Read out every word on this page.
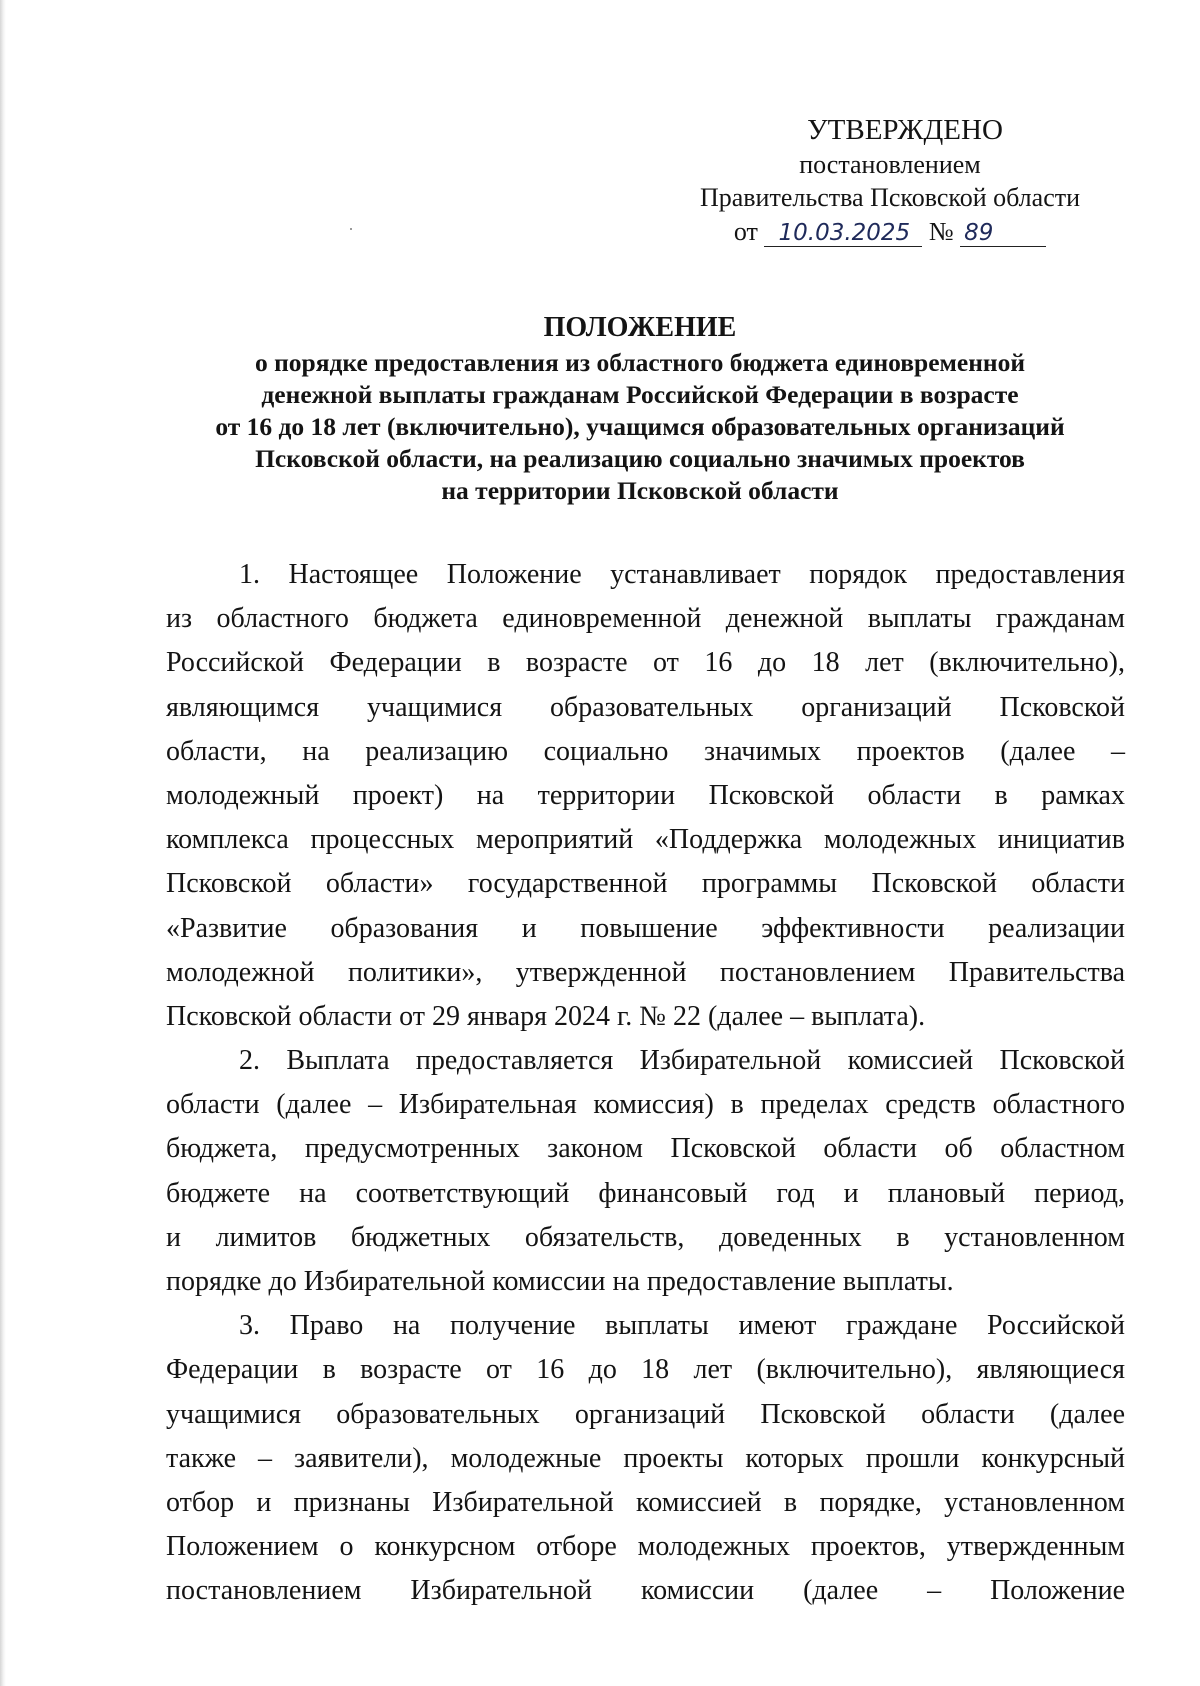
УТВЕРЖДЕНО
постановлением
Правительства Псковской области
от 10.03.2025 № 89
ПОЛОЖЕНИЕ
о порядке предоставления из областного бюджета единовременной
денежной выплаты гражданам Российской Федерации в возрасте
от 16 до 18 лет (включительно), учащимся образовательных организаций
Псковской области, на реализацию социально значимых проектов
на территории Псковской области
1. Настоящее Положение устанавливает порядок предоставления
из областного бюджета единовременной денежной выплаты гражданам
Российской Федерации в возрасте от 16 до 18 лет (включительно),
являющимся учащимися образовательных организаций Псковской
области, на реализацию социально значимых проектов (далее –
молодежный проект) на территории Псковской области в рамках
комплекса процессных мероприятий «Поддержка молодежных инициатив
Псковской области» государственной программы Псковской области
«Развитие образования и повышение эффективности реализации
молодежной политики», утвержденной постановлением Правительства
Псковской области от 29 января 2024 г. № 22 (далее – выплата).
2. Выплата предоставляется Избирательной комиссией Псковской
области (далее – Избирательная комиссия) в пределах средств областного
бюджета, предусмотренных законом Псковской области об областном
бюджете на соответствующий финансовый год и плановый период,
и лимитов бюджетных обязательств, доведенных в установленном
порядке до Избирательной комиссии на предоставление выплаты.
3. Право на получение выплаты имеют граждане Российской
Федерации в возрасте от 16 до 18 лет (включительно), являющиеся
учащимися образовательных организаций Псковской области (далее
также – заявители), молодежные проекты которых прошли конкурсный
отбор и признаны Избирательной комиссией в порядке, установленном
Положением о конкурсном отборе молодежных проектов, утвержденным
постановлением Избирательной комиссии (далее – Положение
